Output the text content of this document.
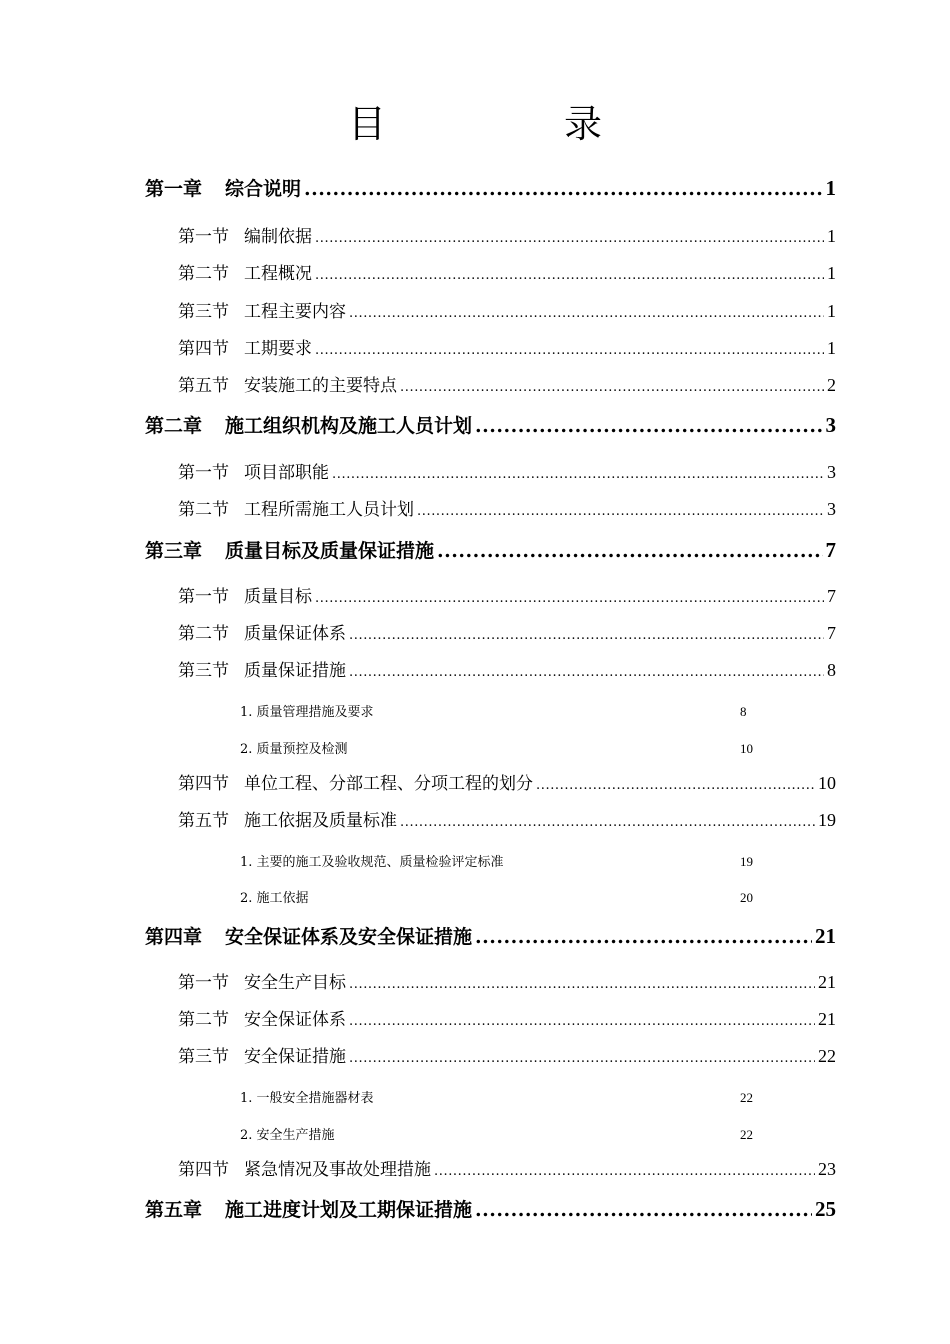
目　录
第一章 综合说明 .....	1
第一节 编制依据 .....	1
第二节 工程概况 .....	1
第三节 工程主要内容 .....	1
第四节 工期要求 .....	1
第五节 安装施工的主要特点 .....	2
第二章 施工组织机构及施工人员计划 .....	3
第一节 项目部职能 .....	3
第二节 工程所需施工人员计划 .....	3
第三章 质量目标及质量保证措施 .....	7
第一节 质量目标 .....	7
第二节 质量保证体系 .....	7
第三节 质量保证措施 .....	8
1. 质量管理措施及要求	8
2. 质量预控及检测	10
第四节 单位工程、分部工程、分项工程的划分 .....	10
第五节 施工依据及质量标准 .....	19
1. 主要的施工及验收规范、质量检验评定标准	19
2. 施工依据	20
第四章 安全保证体系及安全保证措施 .....	21
第一节 安全生产目标 .....	21
第二节 安全保证体系 .....	21
第三节 安全保证措施 .....	22
1. 一般安全措施器材表	22
2. 安全生产措施	22
第四节 紧急情况及事故处理措施 .....	23
第五章 施工进度计划及工期保证措施 .....	25
